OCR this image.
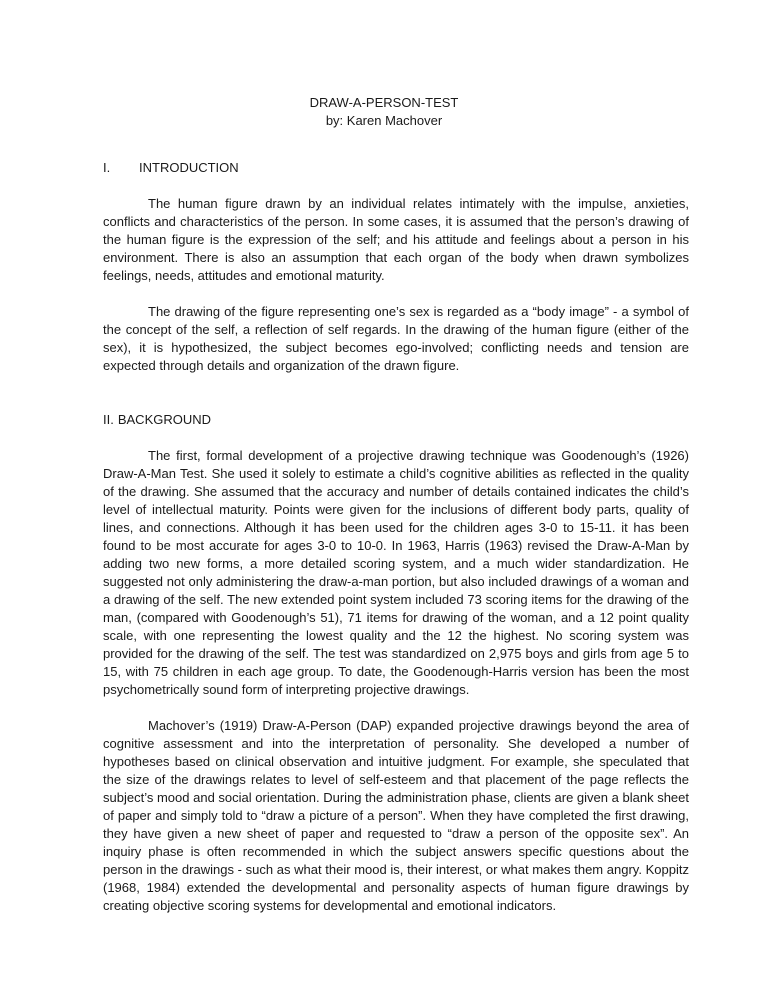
DRAW-A-PERSON-TEST
by: Karen Machover
I.	INTRODUCTION

The human figure drawn by an individual relates intimately with the impulse, anxieties, conflicts and characteristics of the person. In some cases, it is assumed that the person’s drawing of the human figure is the expression of the self; and his attitude and feelings about a person in his environment. There is also an assumption that each organ of the body when drawn symbolizes feelings, needs, attitudes and emotional maturity.

The drawing of the figure representing one’s sex is regarded as a “body image” - a symbol of the concept of the self, a reflection of self regards. In the drawing of the human figure (either of the sex), it is hypothesized, the subject becomes ego-involved; conflicting needs and tension are expected through details and organization of the drawn figure.

II. BACKGROUND

The first, formal development of a projective drawing technique was Goodenough’s (1926) Draw-A-Man Test. She used it solely to estimate a child’s cognitive abilities as reflected in the quality of the drawing. She assumed that the accuracy and number of details contained indicates the child’s level of intellectual maturity. Points were given for the inclusions of different body parts, quality of lines, and connections. Although it has been used for the children ages 3-0 to 15-11. it has been found to be most accurate for ages 3-0 to 10-0. In 1963, Harris (1963) revised the Draw-A-Man by adding two new forms, a more detailed scoring system, and a much wider standardization. He suggested not only administering the draw-a-man portion, but also included drawings of a woman and a drawing of the self. The new extended point system included 73 scoring items for the drawing of the man, (compared with Goodenough’s 51), 71 items for drawing of the woman, and a 12 point quality scale, with one representing the lowest quality and the 12 the highest. No scoring system was provided for the drawing of the self. The test was standardized on 2,975 boys and girls from age 5 to 15, with 75 children in each age group. To date, the Goodenough-Harris version has been the most psychometrically sound form of interpreting projective drawings.

Machover’s (1919) Draw-A-Person (DAP) expanded projective drawings beyond the area of cognitive assessment and into the interpretation of personality. She developed a number of hypotheses based on clinical observation and intuitive judgment. For example, she speculated that the size of the drawings relates to level of self-esteem and that placement of the page reflects the subject’s mood and social orientation. During the administration phase, clients are given a blank sheet of paper and simply told to “draw a picture of a person”. When they have completed the first drawing, they have given a new sheet of paper and requested to “draw a person of the opposite sex”. An inquiry phase is often recommended in which the subject answers specific questions about the person in the drawings - such as what their mood is, their interest, or what makes them angry. Koppitz (1968, 1984) extended the developmental and personality aspects of human figure drawings by creating objective scoring systems for developmental and emotional indicators.
